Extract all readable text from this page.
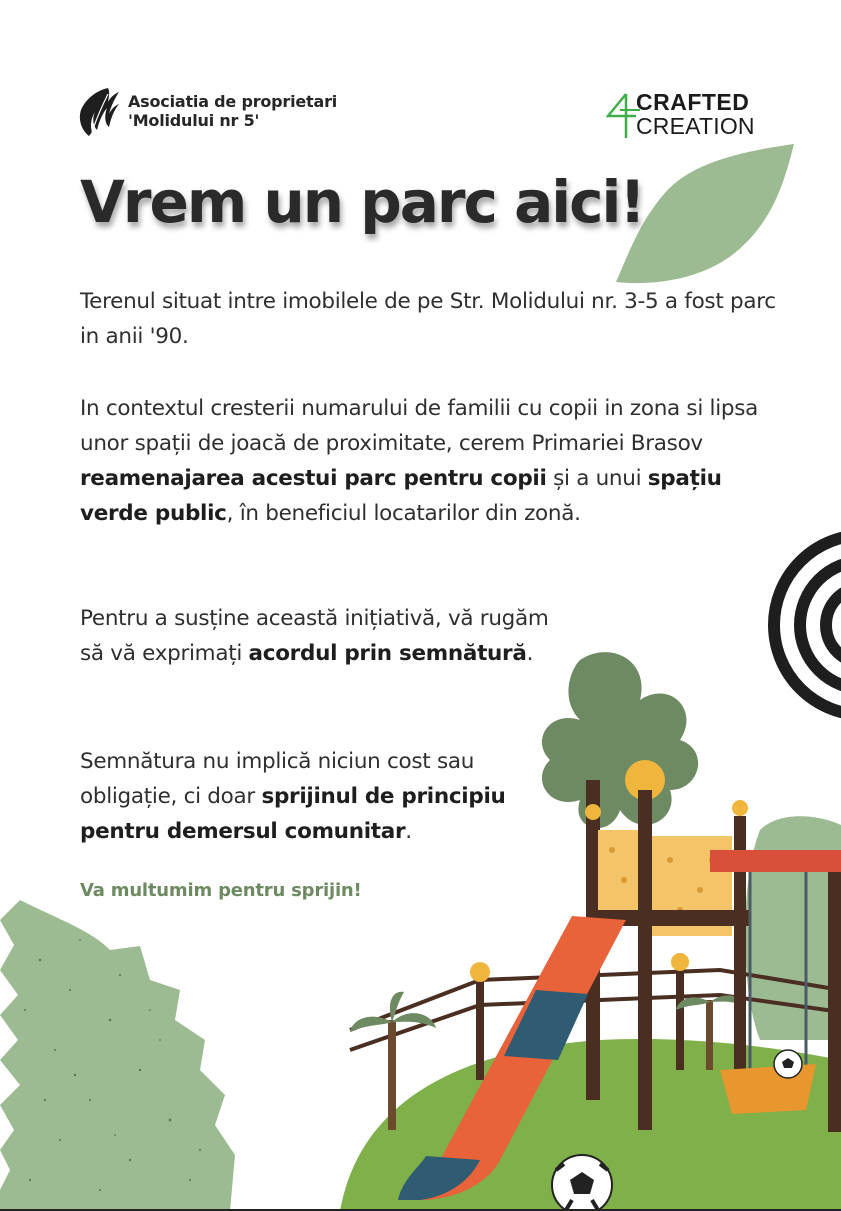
Asociatia de proprietari
'Molidului nr 5'
CRAFTED
CREATION
Vrem un parc aici!
Terenul situat intre imobilele de pe Str. Molidului nr. 3-5 a fost parc in anii '90.
In contextul cresterii numarului de familii cu copii in zona si lipsa unor spații de joacă de proximitate, cerem Primariei Brasov reamenajarea acestui parc pentru copii și a unui spațiu verde public, în beneficiul locatarilor din zonă.
Pentru a susține această inițiativă, vă rugăm să vă exprimați acordul prin semnătură.
Semnătura nu implică niciun cost sau obligație, ci doar sprijinul de principiu pentru demersul comunitar.
Va multumim pentru sprijin!
